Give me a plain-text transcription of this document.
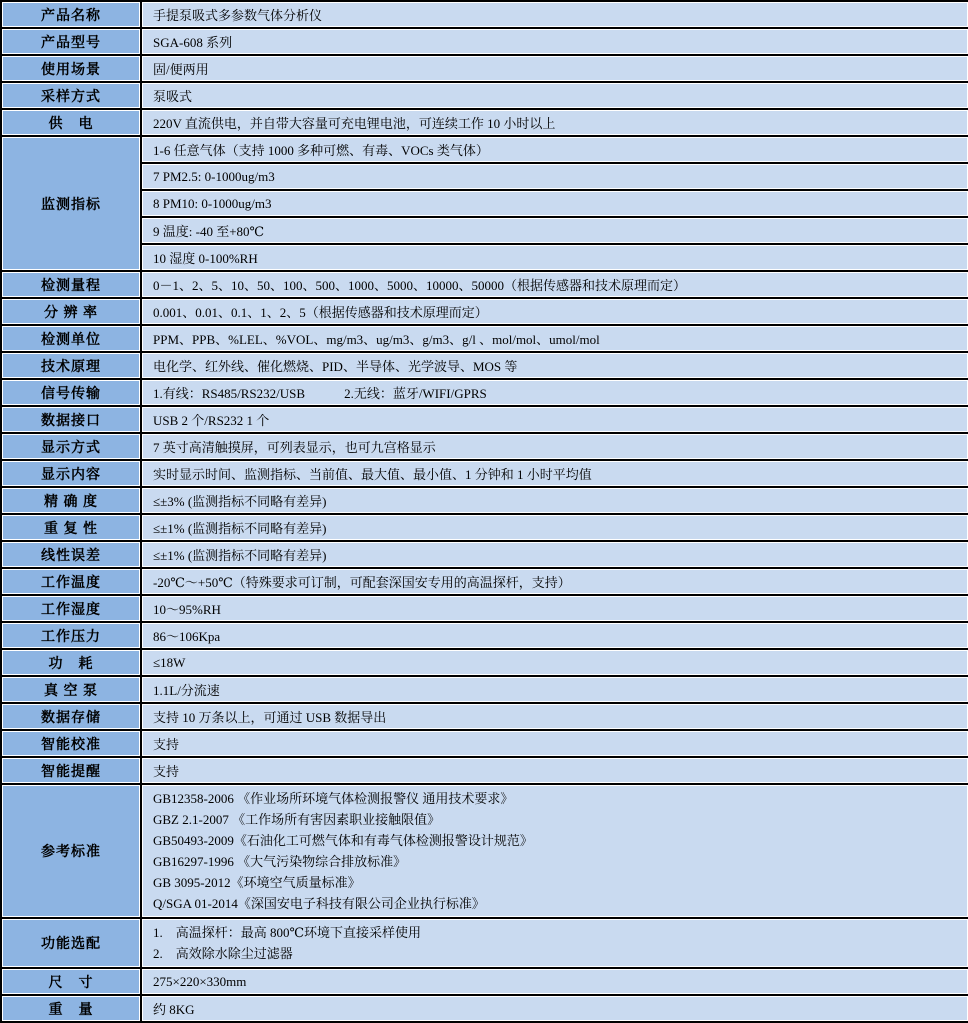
产品名称	手提泵吸式多参数气体分析仪
产品型号	SGA-608 系列
使用场景	固/便两用
采样方式	泵吸式
供　电	220V 直流供电，并自带大容量可充电锂电池，可连续工作 10 小时以上
监测指标	1-6 任意气体（支持 1000 多种可燃、有毒、VOCs 类气体）
	7 PM2.5: 0-1000ug/m3
	8 PM10: 0-1000ug/m3
	9 温度: -40 至+80℃
	10 湿度 0-100%RH
检测量程	0－1、2、5、10、50、100、500、1000、5000、10000、50000（根据传感器和技术原理而定）
分 辨 率	0.001、0.01、0.1、1、2、5（根据传感器和技术原理而定）
检测单位	PPM、PPB、%LEL、%VOL、mg/m3、ug/m3、g/m3、g/l 、mol/mol、umol/mol
技术原理	电化学、红外线、催化燃烧、PID、半导体、光学波导、MOS 等
信号传输	1.有线：RS485/RS232/USB　　　2.无线：蓝牙/WIFI/GPRS
数据接口	USB 2 个/RS232 1 个
显示方式	7 英寸高清触摸屏，可列表显示，也可九宫格显示
显示内容	实时显示时间、监测指标、当前值、最大值、最小值、1 分钟和 1 小时平均值
精 确 度	≤±3% (监测指标不同略有差异)
重 复 性	≤±1% (监测指标不同略有差异)
线性误差	≤±1% (监测指标不同略有差异)
工作温度	-20℃～+50℃（特殊要求可订制，可配套深国安专用的高温探杆，支持）
工作湿度	10～95%RH
工作压力	86～106Kpa
功　耗	≤18W
真 空 泵	1.1L/分流速
数据存储	支持 10 万条以上，可通过 USB 数据导出
智能校准	支持
智能提醒	支持
参考标准	
GB12358-2006 《作业场所环境气体检测报警仪 通用技术要求》
GBZ 2.1-2007 《工作场所有害因素职业接触限值》
GB50493-2009《石油化工可燃气体和有毒气体检测报警设计规范》
GB16297-1996 《大气污染物综合排放标准》
GB 3095-2012《环境空气质量标准》
Q/SGA 01-2014《深国安电子科技有限公司企业执行标准》

功能选配	1.　高温探杆：最高 800℃环境下直接采样使用
2.　高效除水除尘过滤器

尺　寸	275×220×330mm
重　量	约 8KG
